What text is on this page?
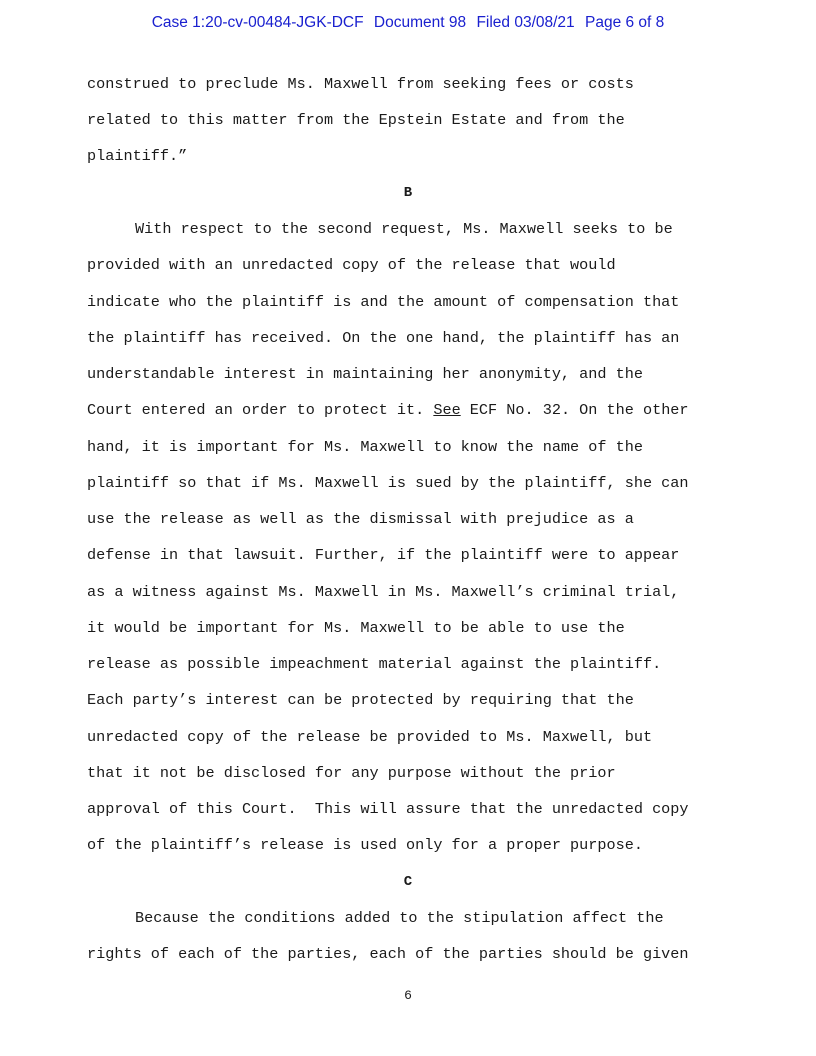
Case 1:20-cv-00484-JGK-DCF Document 98 Filed 03/08/21 Page 6 of 8
construed to preclude Ms. Maxwell from seeking fees or costs
related to this matter from the Epstein Estate and from the
plaintiff.”
B
With respect to the second request, Ms. Maxwell seeks to be
provided with an unredacted copy of the release that would
indicate who the plaintiff is and the amount of compensation that
the plaintiff has received. On the one hand, the plaintiff has an
understandable interest in maintaining her anonymity, and the
Court entered an order to protect it. See ECF No. 32. On the other
hand, it is important for Ms. Maxwell to know the name of the
plaintiff so that if Ms. Maxwell is sued by the plaintiff, she can
use the release as well as the dismissal with prejudice as a
defense in that lawsuit. Further, if the plaintiff were to appear
as a witness against Ms. Maxwell in Ms. Maxwell’s criminal trial,
it would be important for Ms. Maxwell to be able to use the
release as possible impeachment material against the plaintiff.
Each party’s interest can be protected by requiring that the
unredacted copy of the release be provided to Ms. Maxwell, but
that it not be disclosed for any purpose without the prior
approval of this Court.  This will assure that the unredacted copy
of the plaintiff’s release is used only for a proper purpose.
C
Because the conditions added to the stipulation affect the
rights of each of the parties, each of the parties should be given
6
